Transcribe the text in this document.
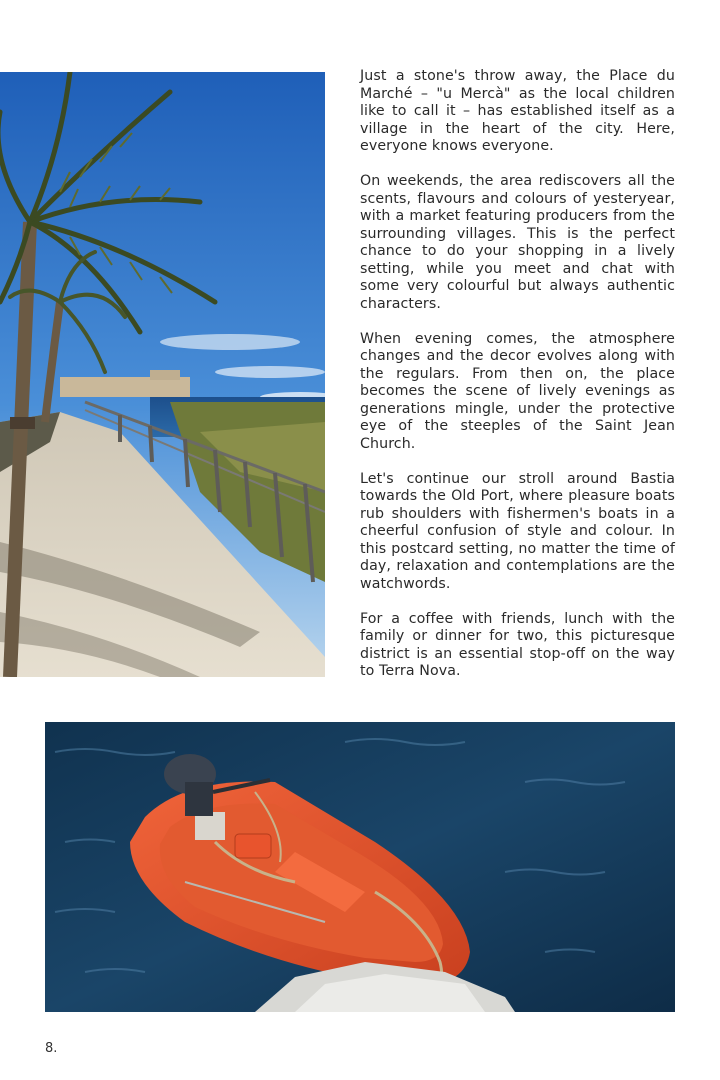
Just a stone's throw away, the Place du Marché – "u Mercà" as the local children like to call it – has established itself as a village in the heart of the city. Here, everyone knows everyone.

On weekends, the area rediscovers all the scents, flavours and colours of yesteryear, with a market featuring producers from the surrounding villages. This is the perfect chance to do your shopping in a lively setting, while you meet and chat with some very colourful but always authentic characters.

When evening comes, the atmosphere changes and the decor evolves along with the regulars. From then on, the place becomes the scene of lively evenings as generations mingle, under the protective eye of the steeples of the Saint Jean Church.

Let's continue our stroll around Bastia towards the Old Port, where pleasure boats rub shoulders with fishermen's boats in a cheerful confusion of style and colour. In this postcard setting, no matter the time of day, relaxation and contemplations are the watchwords.

For a coffee with friends, lunch with the family or dinner for two, this picturesque district is an essential stop-off on the way to Terra Nova.

8.
